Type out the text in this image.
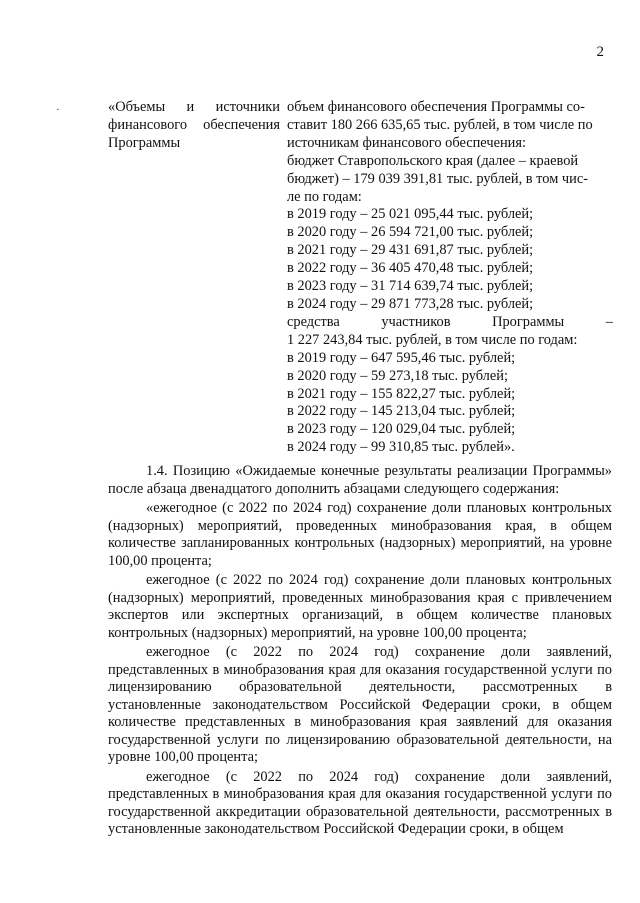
2
·	«Объемы и источники финансового обеспечения Программы
объем финансового обеспечения Программы со-
ставит 180 266 635,65 тыс. рублей, в том числе по
источникам финансового обеспечения:
бюджет Ставропольского края (далее – краевой
бюджет) – 179 039 391,81 тыс. рублей, в том чис-
ле по годам:
в 2019 году – 25 021 095,44 тыс. рублей;
в 2020 году – 26 594 721,00 тыс. рублей;
в 2021 году – 29 431 691,87 тыс. рублей;
в 2022 году – 36 405 470,48 тыс. рублей;
в 2023 году – 31 714 639,74 тыс. рублей;
в 2024 году – 29 871 773,28 тыс. рублей;
средства участников Программы –
1 227 243,84 тыс. рублей, в том числе по годам:
в 2019 году – 647 595,46 тыс. рублей;
в 2020 году – 59 273,18 тыс. рублей;
в 2021 году – 155 822,27 тыс. рублей;
в 2022 году – 145 213,04 тыс. рублей;
в 2023 году – 120 029,04 тыс. рублей;
в 2024 году – 99 310,85 тыс. рублей».

1.4. Позицию «Ожидаемые конечные результаты реализации Программы» после абзаца двенадцатого дополнить абзацами следующего содержания:

«ежегодное (с 2022 по 2024 год) сохранение доли плановых контрольных (надзорных) мероприятий, проведенных минобразования края, в общем количестве запланированных контрольных (надзорных) мероприятий, на уровне 100,00 процента;

ежегодное (с 2022 по 2024 год) сохранение доли плановых контрольных (надзорных) мероприятий, проведенных минобразования края с привлечением экспертов или экспертных организаций, в общем количестве плановых контрольных (надзорных) мероприятий, на уровне 100,00 процента;

ежегодное (с 2022 по 2024 год) сохранение доли заявлений, представленных в минобразования края для оказания государственной услуги по лицензированию образовательной деятельности, рассмотренных в установленные законодательством Российской Федерации сроки, в общем количестве представленных в минобразования края заявлений для оказания государственной услуги по лицензированию образовательной деятельности, на уровне 100,00 процента;

ежегодное (с 2022 по 2024 год) сохранение доли заявлений, представленных в минобразования края для оказания государственной услуги по государственной аккредитации образовательной деятельности, рассмотренных в установленные законодательством Российской Федерации сроки, в общем
